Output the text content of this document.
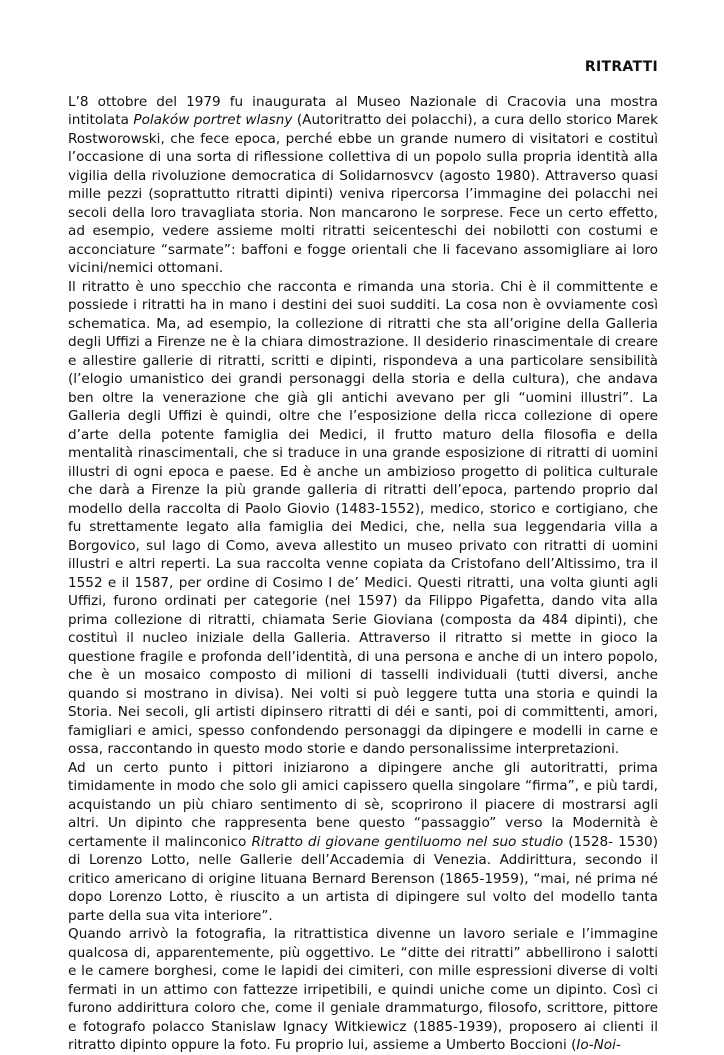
RITRATTI

L’8 ottobre del 1979 fu inaugurata al Museo Nazionale di Cracovia una mostra intitolata Polaków portret wlasny (Autoritratto dei polacchi), a cura dello storico Marek Rostworowski, che fece epoca, perché ebbe un grande numero di visitatori e costituì l’occasione di una sorta di riflessione collettiva di un popolo sulla propria identità alla vigilia della rivoluzione democratica di Solidarnosvcv (agosto 1980). Attraverso quasi mille pezzi (soprattutto ritratti dipinti) veniva ripercorsa l’immagine dei polacchi nei secoli della loro travagliata storia. Non mancarono le sorprese. Fece un certo effetto, ad esempio, vedere assieme molti ritratti seicenteschi dei nobilotti con costumi e acconciature “sarmate”: baffoni e fogge orientali che li facevano assomigliare ai loro vicini/nemici ottomani.

Il ritratto è uno specchio che racconta e rimanda una storia. Chi è il committente e possiede i ritratti ha in mano i destini dei suoi sudditi. La cosa non è ovviamente così schematica. Ma, ad esempio, la collezione di ritratti che sta all’origine della Galleria degli Uffizi a Firenze ne è la chiara dimostrazione. Il desiderio rinascimentale di creare e allestire gallerie di ritratti, scritti e dipinti, rispondeva a una particolare sensibilità (l’elogio umanistico dei grandi personaggi della storia e della cultura), che andava ben oltre la venerazione che già gli antichi avevano per gli “uomini illustri”. La Galleria degli Uffizi è quindi, oltre che l’esposizione della ricca collezione di opere d’arte della potente famiglia dei Medici, il frutto maturo della filosofia e della mentalità rinascimentali, che si traduce in una grande esposizione di ritratti di uomini illustri di ogni epoca e paese. Ed è anche un ambizioso progetto di politica culturale che darà a Firenze la più grande galleria di ritratti dell’epoca, partendo proprio dal modello della raccolta di Paolo Giovio (1483-1552), medico, storico e cortigiano, che fu strettamente legato alla famiglia dei Medici, che, nella sua leggendaria villa a Borgovico, sul lago di Como, aveva allestito un museo privato con ritratti di uomini illustri e altri reperti. La sua raccolta venne copiata da Cristofano dell’Altissimo, tra il 1552 e il 1587, per ordine di Cosimo I de’ Medici. Questi ritratti, una volta giunti agli Uffizi, furono ordinati per categorie (nel 1597) da Filippo Pigafetta, dando vita alla prima collezione di ritratti, chiamata Serie Gioviana (composta da 484 dipinti), che costituì il nucleo iniziale della Galleria. Attraverso il ritratto si mette in gioco la questione fragile e profonda dell’identità, di una persona e anche di un intero popolo, che è un mosaico composto di milioni di tasselli individuali (tutti diversi, anche quando si mostrano in divisa). Nei volti si può leggere tutta una storia e quindi la Storia. Nei secoli, gli artisti dipinsero ritratti di déi e santi, poi di committenti, amori, famigliari e amici, spesso confondendo personaggi da dipingere e modelli in carne e ossa, raccontando in questo modo storie e dando personalissime interpretazioni.

Ad un certo punto i pittori iniziarono a dipingere anche gli autoritratti, prima timidamente in modo che solo gli amici capissero quella singolare “firma”, e più tardi, acquistando un più chiaro sentimento di sè, scoprirono il piacere di mostrarsi agli altri. Un dipinto che rappresenta bene questo “passaggio” verso la Modernità è certamente il malinconico Ritratto di giovane gentiluomo nel suo studio (1528- 1530) di Lorenzo Lotto, nelle Gallerie dell’Accademia di Venezia. Addirittura, secondo il critico americano di origine lituana Bernard Berenson (1865-1959), “mai, né prima né dopo Lorenzo Lotto, è riuscito a un artista di dipingere sul volto del modello tanta parte della sua vita interiore”.

Quando arrivò la fotografia, la ritrattistica divenne un lavoro seriale e l’immagine qualcosa di, apparentemente, più oggettivo. Le “ditte dei ritratti” abbellirono i salotti e le camere borghesi, come le lapidi dei cimiteri, con mille espressioni diverse di volti fermati in un attimo con fattezze irripetibili, e quindi uniche come un dipinto. Così ci furono addirittura coloro che, come il geniale drammaturgo, filosofo, scrittore, pittore e fotografo polacco Stanislaw Ignacy Witkiewicz (1885-1939), proposero ai clienti il ritratto dipinto oppure la foto. Fu proprio lui, assieme a Umberto Boccioni (Io-Noi-
